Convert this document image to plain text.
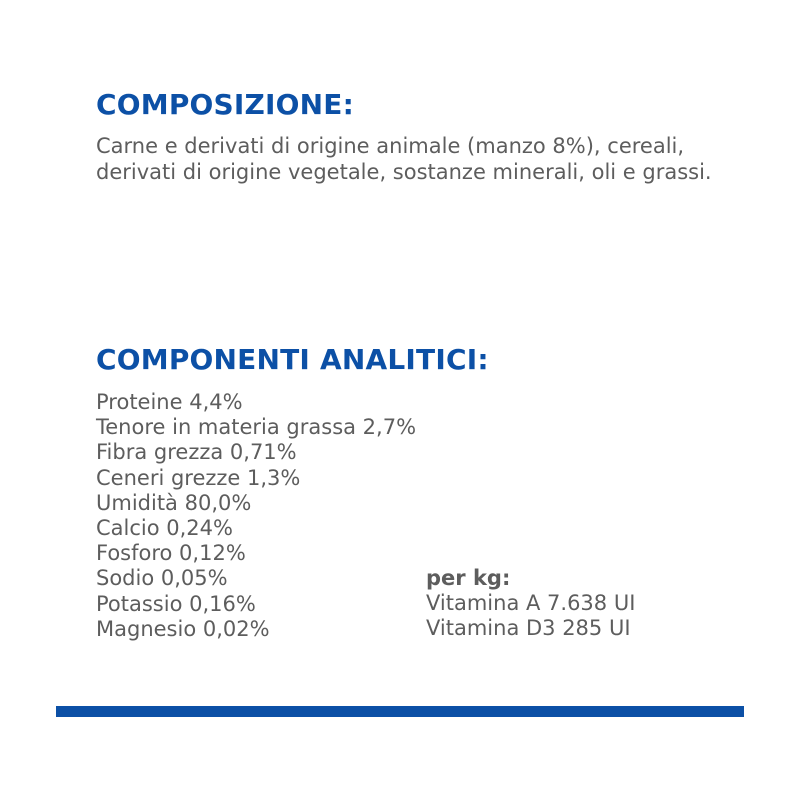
COMPOSIZIONE:

Carne e derivati di origine animale (manzo 8%), cereali, derivati di origine vegetale, sostanze minerali, oli e grassi.

COMPONENTI ANALITICI:
Proteine 4,4%
Tenore in materia grassa 2,7%
Fibra grezza 0,71%
Ceneri grezze 1,3%
Umidità 80,0%
Calcio 0,24%
Fosforo 0,12%
Sodio 0,05%
Potassio 0,16%
Magnesio 0,02%
per kg:
Vitamina A 7.638 UI
Vitamina D3 285 UI
